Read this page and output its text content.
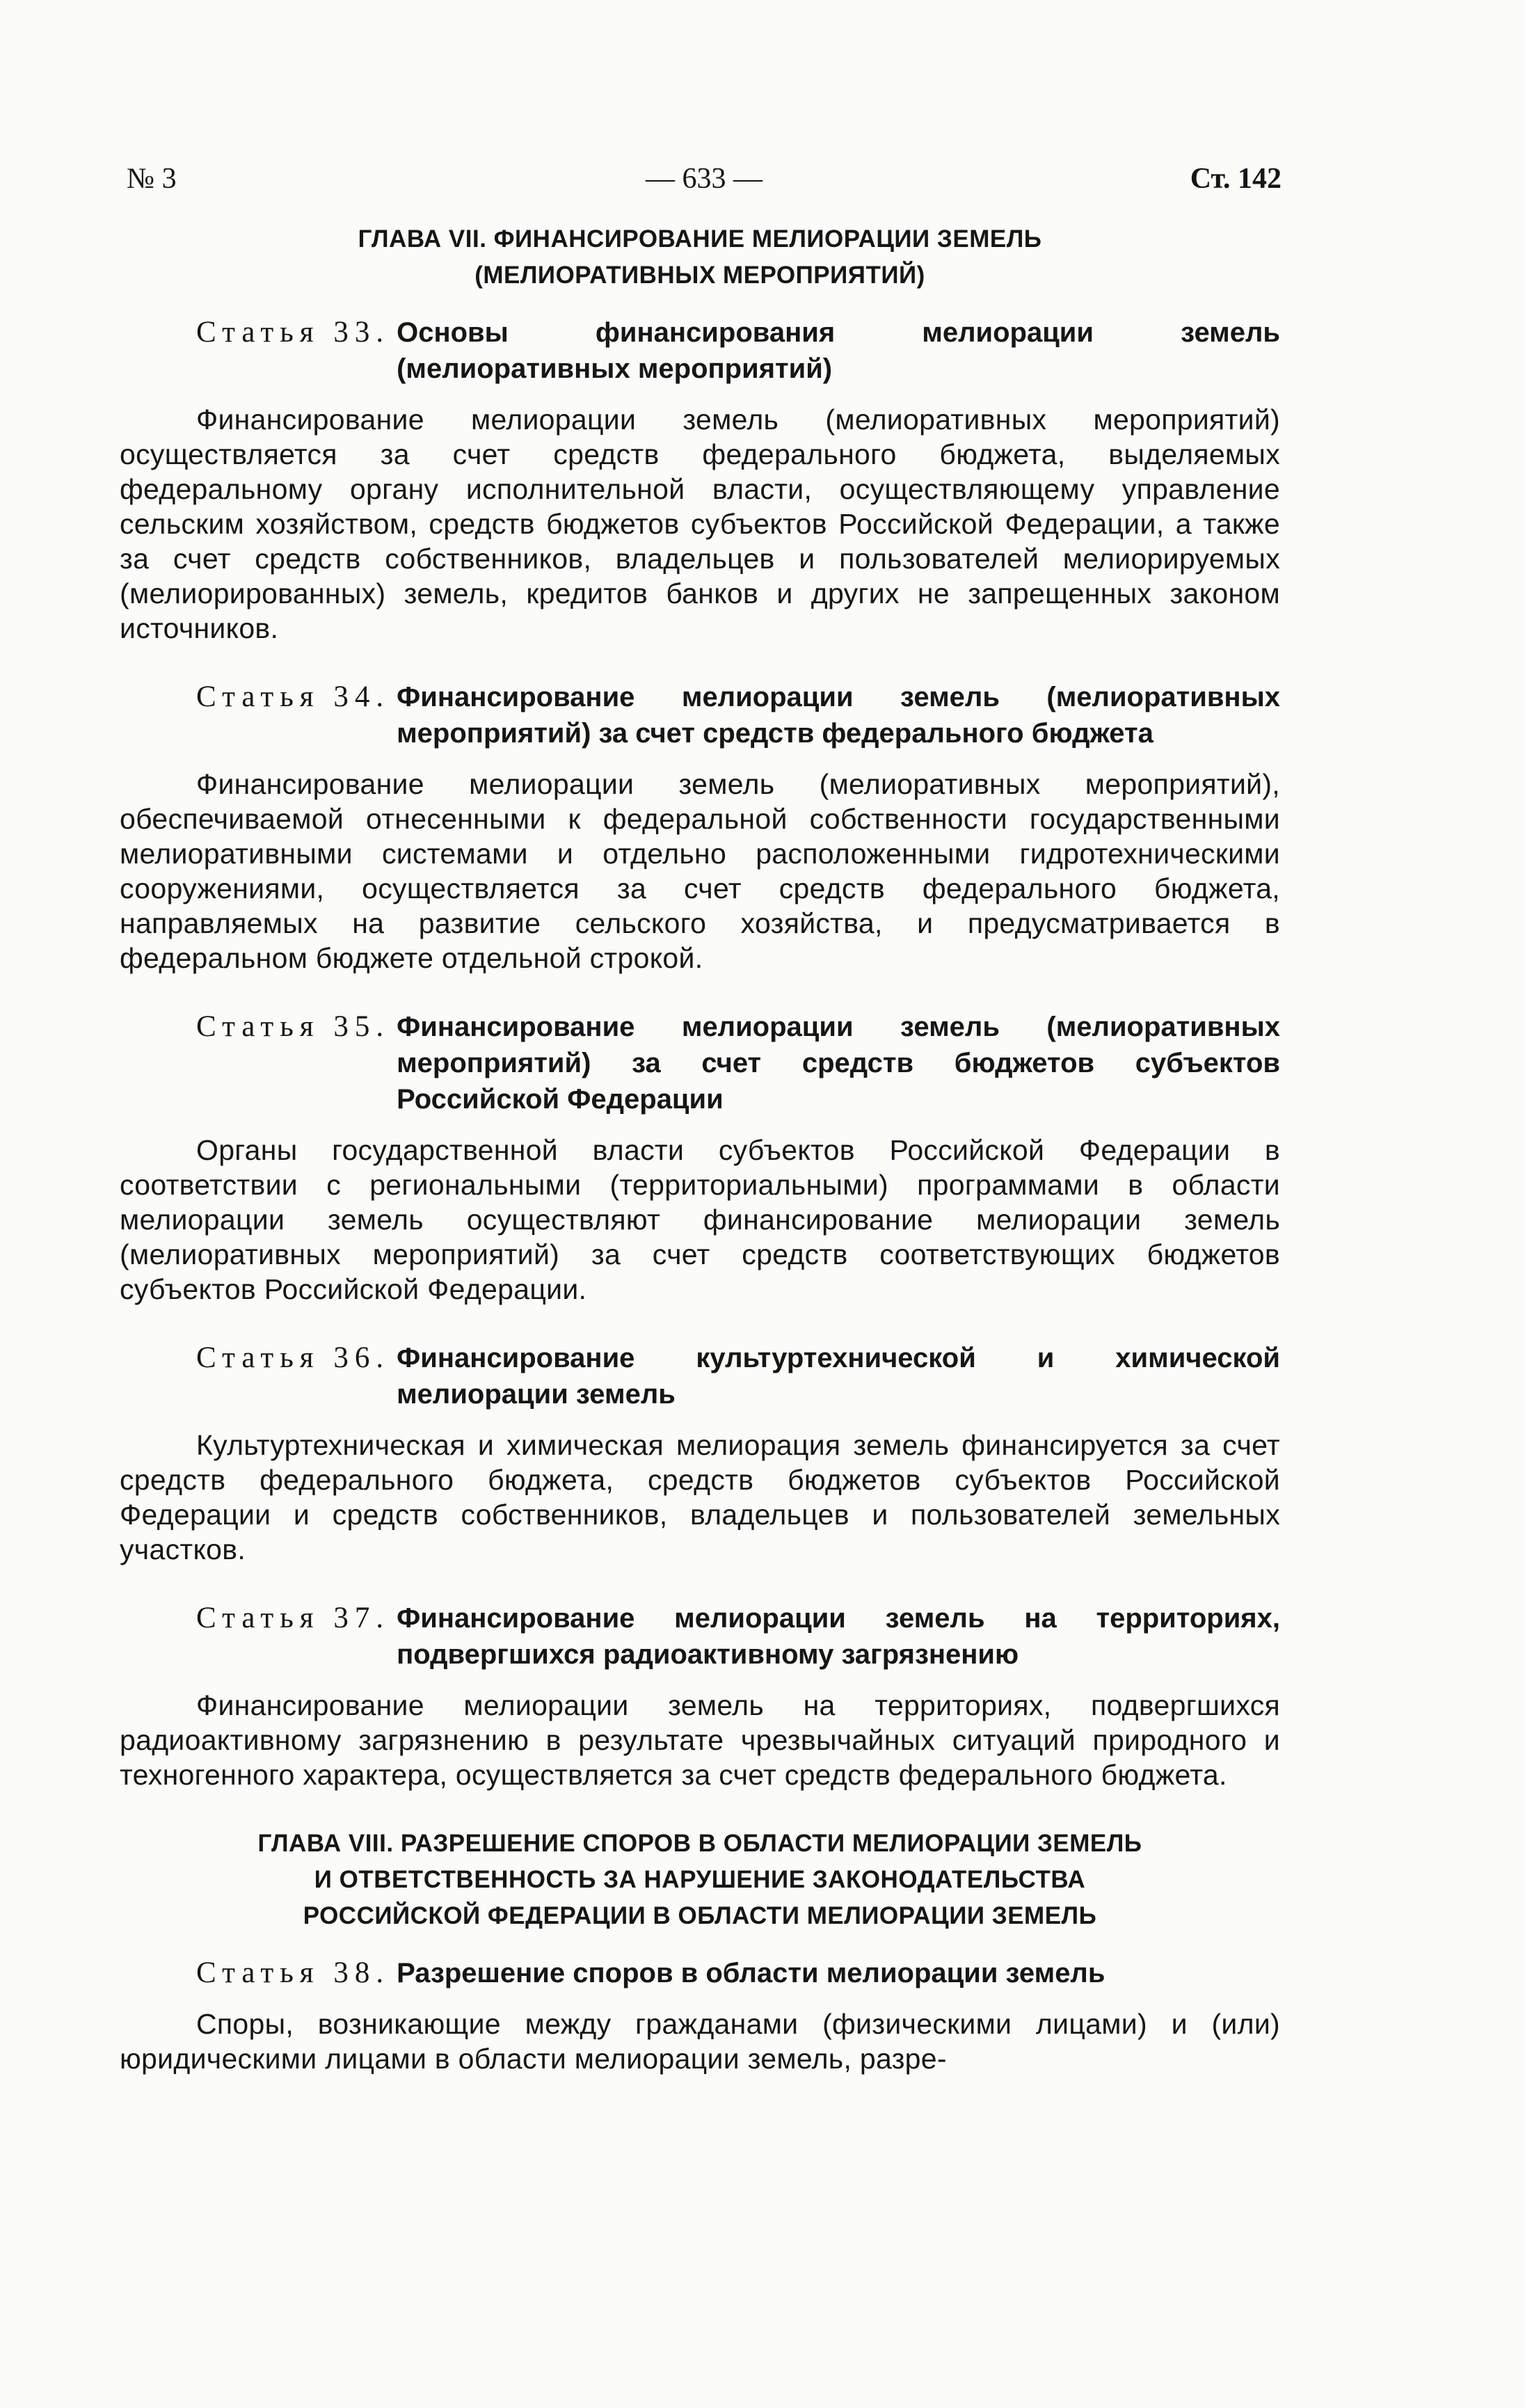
№ 3	— 633 —	Ст. 142
ГЛАВА VII. ФИНАНСИРОВАНИЕ МЕЛИОРАЦИИ ЗЕМЕЛЬ
(МЕЛИОРАТИВНЫХ МЕРОПРИЯТИЙ)
Статья 33. Основы финансирования мелиорации земель (мелиоративных мероприятий)
Финансирование мелиорации земель (мелиоративных мероприятий) осуществляется за счет средств федерального бюджета, выделяемых федеральному органу исполнительной власти, осуществляющему управление сельским хозяйством, средств бюджетов субъектов Российской Федерации, а также за счет средств собственников, владельцев и пользователей мелиорируемых (мелиорированных) земель, кредитов банков и других не запрещенных законом источников.
Статья 34. Финансирование мелиорации земель (мелиоративных мероприятий) за счет средств федерального бюджета
Финансирование мелиорации земель (мелиоративных мероприятий), обеспечиваемой отнесенными к федеральной собственности государственными мелиоративными системами и отдельно расположенными гидротехническими сооружениями, осуществляется за счет средств федерального бюджета, направляемых на развитие сельского хозяйства, и предусматривается в федеральном бюджете отдельной строкой.
Статья 35. Финансирование мелиорации земель (мелиоративных мероприятий) за счет средств бюджетов субъектов Российской Федерации
Органы государственной власти субъектов Российской Федерации в соответствии с региональными (территориальными) программами в области мелиорации земель осуществляют финансирование мелиорации земель (мелиоративных мероприятий) за счет средств соответствующих бюджетов субъектов Российской Федерации.
Статья 36. Финансирование культуртехнической и химической мелиорации земель
Культуртехническая и химическая мелиорация земель финансируется за счет средств федерального бюджета, средств бюджетов субъектов Российской Федерации и средств собственников, владельцев и пользователей земельных участков.
Статья 37. Финансирование мелиорации земель на территориях, подвергшихся радиоактивному загрязнению
Финансирование мелиорации земель на территориях, подвергшихся радиоактивному загрязнению в результате чрезвычайных ситуаций природного и техногенного характера, осуществляется за счет средств федерального бюджета.
ГЛАВА VIII. РАЗРЕШЕНИЕ СПОРОВ В ОБЛАСТИ МЕЛИОРАЦИИ ЗЕМЕЛЬ
И ОТВЕТСТВЕННОСТЬ ЗА НАРУШЕНИЕ ЗАКОНОДАТЕЛЬСТВА
РОССИЙСКОЙ ФЕДЕРАЦИИ В ОБЛАСТИ МЕЛИОРАЦИИ ЗЕМЕЛЬ
Статья 38. Разрешение споров в области мелиорации земель
Споры, возникающие между гражданами (физическими лицами) и (или) юридическими лицами в области мелиорации земель, разре-
